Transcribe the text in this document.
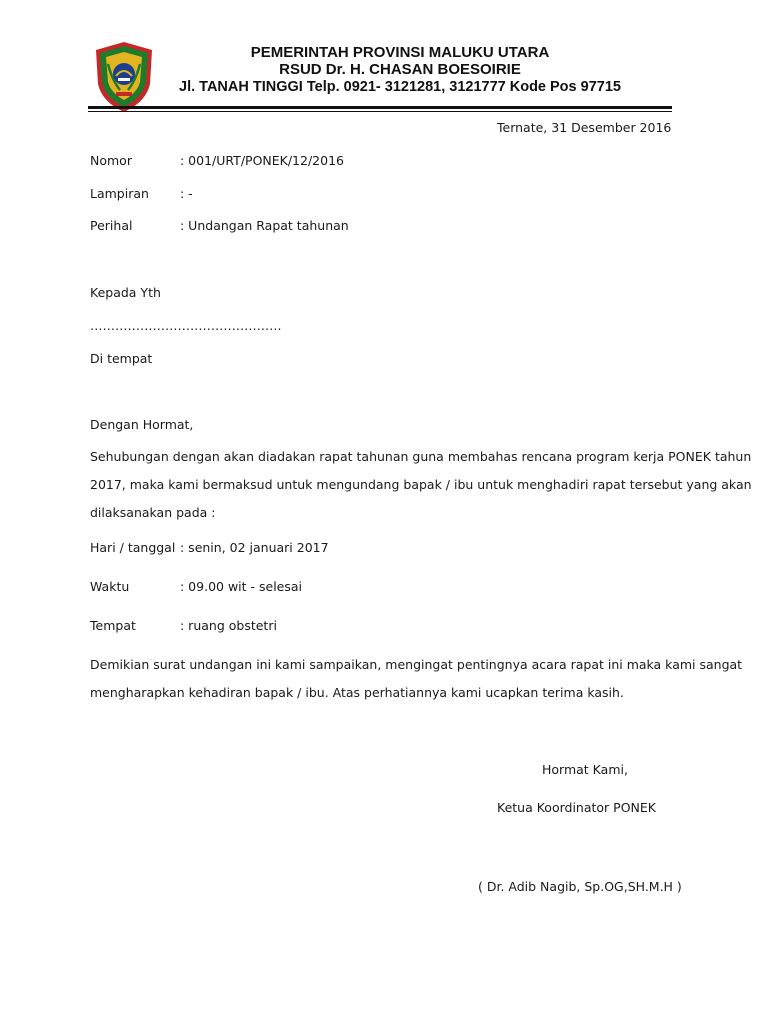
PEMERINTAH PROVINSI MALUKU UTARA
RSUD Dr. H. CHASAN BOESOIRIE
Jl. TANAH TINGGI Telp. 0921- 3121281, 3121777 Kode Pos 97715
Ternate, 31 Desember 2016
Nomor	: 001/URT/PONEK/12/2016
Lampiran : -
Perihal	: Undangan Rapat tahunan
Kepada Yth
……………………………………….
Di tempat
Dengan Hormat,
Sehubungan dengan akan diadakan rapat tahunan guna membahas rencana program kerja PONEK tahun
2017, maka kami bermaksud untuk mengundang bapak / ibu untuk menghadiri rapat tersebut yang akan
dilaksanakan pada :
Hari / tanggal : senin, 02 januari 2017
Waktu	: 09.00 wit - selesai
Tempat	: ruang obstetri
Demikian surat undangan ini kami sampaikan, mengingat pentingnya acara rapat ini maka kami sangat
mengharapkan kehadiran bapak / ibu. Atas perhatiannya kami ucapkan terima kasih.
Hormat Kami,
Ketua Koordinator PONEK
( Dr. Adib Nagib, Sp.OG,SH.M.H )
